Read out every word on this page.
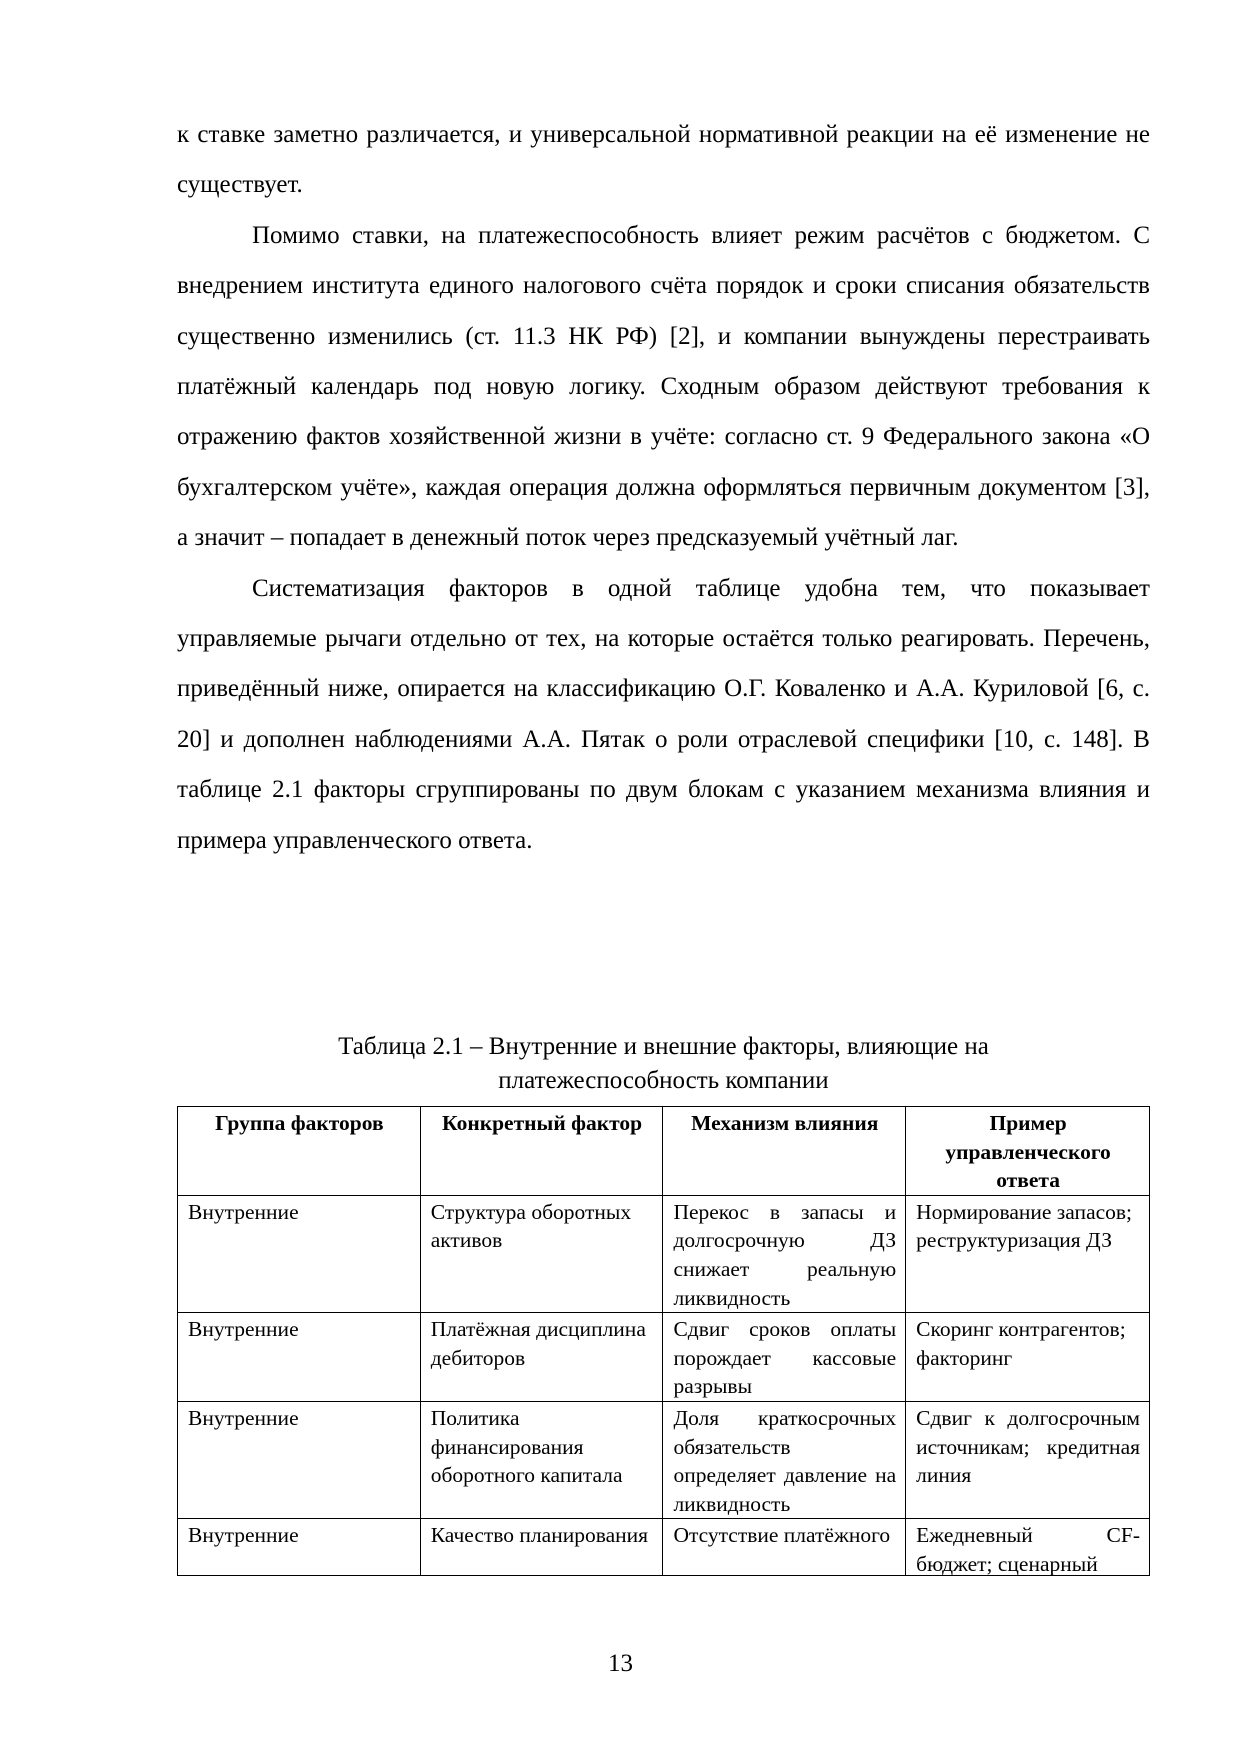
к ставке заметно различается, и универсальной нормативной реакции на её изменение не существует.

Помимо ставки, на платежеспособность влияет режим расчётов с бюджетом. С внедрением института единого налогового счёта порядок и сроки списания обязательств существенно изменились (ст. 11.3 НК РФ) [2], и компании вынуждены перестраивать платёжный календарь под новую логику. Сходным образом действуют требования к отражению фактов хозяйственной жизни в учёте: согласно ст. 9 Федерального закона «О бухгалтерском учёте», каждая операция должна оформляться первичным документом [3], а значит – попадает в денежный поток через предсказуемый учётный лаг.

Систематизация факторов в одной таблице удобна тем, что показывает управляемые рычаги отдельно от тех, на которые остаётся только реагировать. Перечень, приведённый ниже, опирается на классификацию О.Г. Коваленко и А.А. Куриловой [6, с. 20] и дополнен наблюдениями А.А. Пятак о роли отраслевой специфики [10, с. 148]. В таблице 2.1 факторы сгруппированы по двум блокам с указанием механизма влияния и примера управленческого ответа.

Таблица 2.1 – Внутренние и внешние факторы, влияющие на
платежеспособность компании
Группа факторов	Конкретный фактор	Механизм влияния	Пример управленческого ответа
Внутренние	Структура оборотных активов	Перекос в запасы и долгосрочную ДЗ снижает реальную ликвидность	Нормирование запасов; реструктуризация ДЗ
Внутренние	Платёжная дисциплина дебиторов	Сдвиг сроков оплаты порождает кассовые разрывы	Скоринг контрагентов; факторинг
Внутренние	Политика финансирования оборотного капитала	Доля краткосрочных обязательств определяет давление на ликвидность	Сдвиг к долгосрочным источникам; кредитная линия

Внутренние	Качество планирования	Отсутствие платёжного	Ежедневный CF-бюджет; сценарный
13
